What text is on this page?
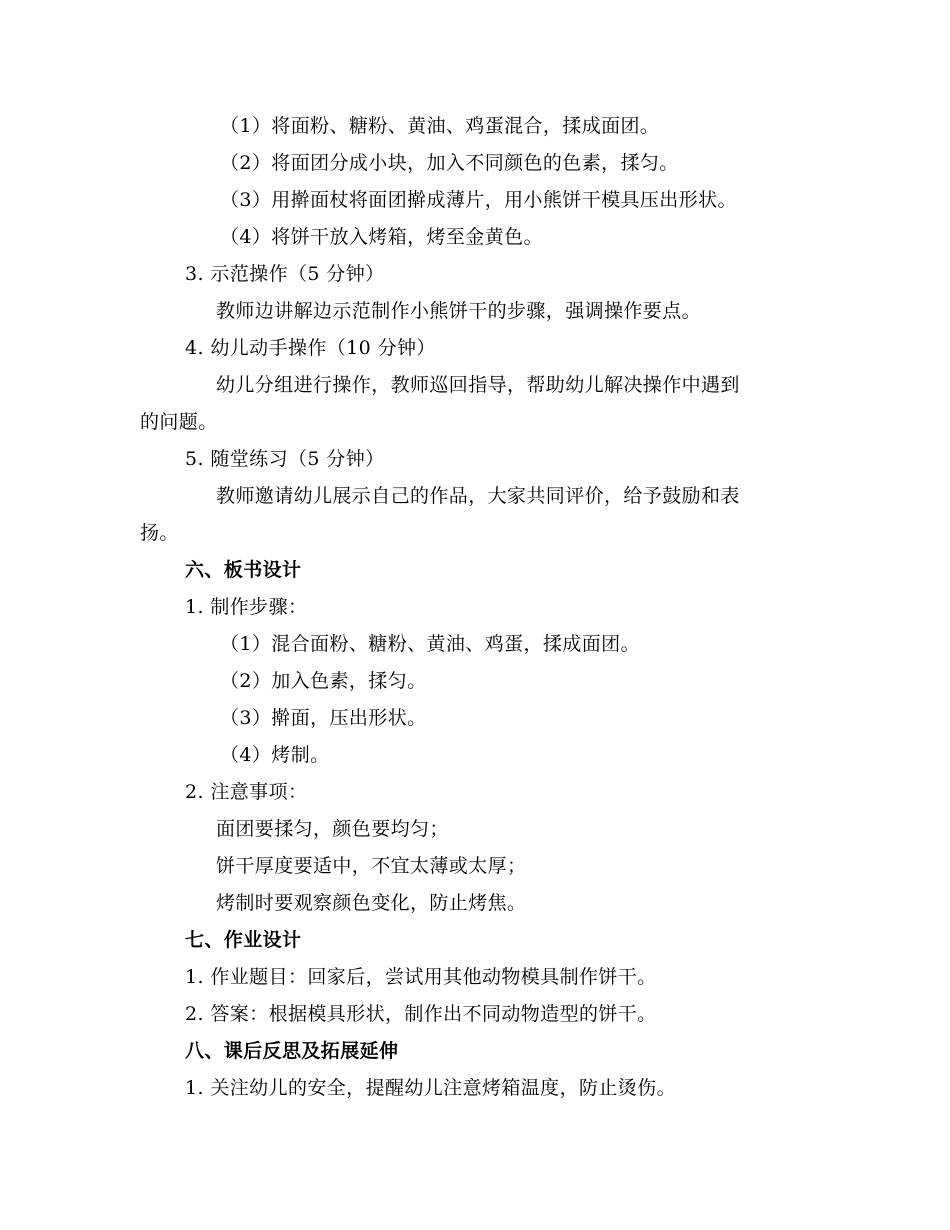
（1）将面粉、糖粉、黄油、鸡蛋混合，揉成面团。
（2）将面团分成小块，加入不同颜色的色素，揉匀。
（3）用擀面杖将面团擀成薄片，用小熊饼干模具压出形状。
（4）将饼干放入烤箱，烤至金黄色。
3. 示范操作（5 分钟）
教师边讲解边示范制作小熊饼干的步骤，强调操作要点。
4. 幼儿动手操作（10 分钟）
幼儿分组进行操作，教师巡回指导，帮助幼儿解决操作中遇到
的问题。
5. 随堂练习（5 分钟）
教师邀请幼儿展示自己的作品，大家共同评价，给予鼓励和表
扬。
六、板书设计
1. 制作步骤：
（1）混合面粉、糖粉、黄油、鸡蛋，揉成面团。
（2）加入色素，揉匀。
（3）擀面，压出形状。
（4）烤制。
2. 注意事项：
面团要揉匀，颜色要均匀；
饼干厚度要适中，不宜太薄或太厚；
烤制时要观察颜色变化，防止烤焦。
七、作业设计
1. 作业题目：回家后，尝试用其他动物模具制作饼干。
2. 答案：根据模具形状，制作出不同动物造型的饼干。
八、课后反思及拓展延伸
1. 关注幼儿的安全，提醒幼儿注意烤箱温度，防止烫伤。
